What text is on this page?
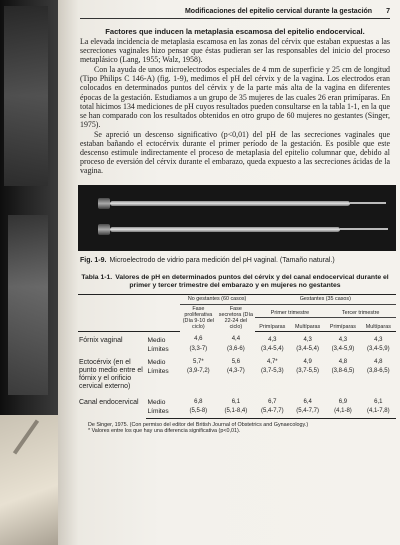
Modificaciones del epitelio cervical durante la gestación 7
Factores que inducen la metaplasia escamosa del epitelio endocervical.

La elevada incidencia de metaplasia escamosa en las zonas del cérvix que estaban expuestas a las secreciones vaginales hizo pensar que éstas pudieran ser las responsables del inicio del proceso metaplásico (Lang, 1955; Walz, 1958).

Con la ayuda de unos microelectrodos especiales de 4 mm de superficie y 25 cm de longitud (Tipo Philips C 146-A) (fig. 1-9), medimos el pH del cérvix y de la vagina. Los electrodos eran colocados en determinados puntos del cérvix y de la parte más alta de la vagina en diferentes épocas de la gestación. Estudiamos a un grupo de 35 mujeres de las cuales 26 eran primíparas. En total hicimos 134 mediciones de pH cuyos resultados pueden consultarse en la tabla 1-1, en la que se han comparado con los resultados obtenidos en otro grupo de 60 mujeres no gestantes (Singer, 1975).

Se apreció un descenso significativo (p<0,01) del pH de las secreciones vaginales que estaban bañando el ectocérvix durante el primer período de la gestación. Es posible que este descenso estimule indirectamente el proceso de metaplasia del epitelio columnar que, debido al proceso de eversión del cérvix durante el embarazo, queda expuesto a las secreciones ácidas de la vagina.

Fig. 1-9. Microelectrodo de vidrio para medición del pH vaginal. (Tamaño natural.)
Tabla 1-1. Valores de pH en determinados puntos del cérvix y del canal endocervical durante el primer y tercer trimestre del embarazo y en mujeres no gestantes
		No gestantes (60 casos)		Gestantes (35 casos)			
		Fase proliferativa (Día 9-10 del ciclo)	Fase secretora (Día 22-24 del ciclo)	Primer trimestre		Tercer trimestre	
				Primíparas	Multíparas	Primíparas	Multíparas
Fórnix vaginal	Medio	4,6	4,4	4,3	4,3	4,3	4,3
	Límites	(3,3-7)	(3,6-6)	(3,4-5,4)	(3,4-5,4)	(3,4-5,9)	(3,4-5,9)
Ectocérvix (en el punto medio entre el fórnix y el orificio cervical externo)	Medio	5,7*	5,6	4,7*	4,9	4,8	4,8
	Límites	(3,9-7,2)	(4,3-7)	(3,7-5,3)	(3,7-5,5)	(3,8-6,5)	(3,8-6,5)

Canal endocervical	Medio	6,8	6,1	6,7	6,4	6,9	6,1
	Límites	(5,5-8)	(5,1-8,4)	(5,4-7,7)	(5,4-7,7)	(4,1-8)	(4,1-7,8)
De Singer, 1975. (Con permiso del editor del British Journal of Obstetrics and Gynaecology.)
* Valores entre los que hay una diferencia significativa (p<0,01).
